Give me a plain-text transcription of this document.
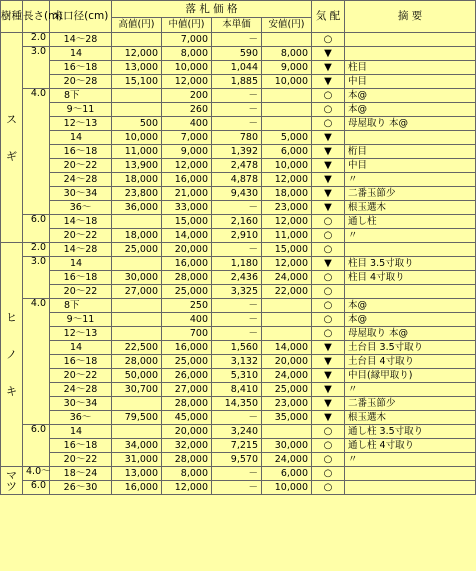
樹種	長さ(m)	末口径(cm)	落 札 価 格				気 配	摘 要
			高値(円)	中値(円)	本単価	安値(円)		

ス
ギ	2.0	14～28		7,000	－		○	
	3.0	14	12,000	8,000	590	8,000	▼	
		16～18	13,000	10,000	1,044	9,000	▼	柱目
		20～28	15,100	12,000	1,885	10,000	▼	中目
	4.0	8下		200	－		○	本@
		9～11		260	－		○	本@
		12～13	500	400	－		○	母屋取り 本@
		14	10,000	7,000	780	5,000	▼	
		16～18	11,000	9,000	1,392	6,000	▼	桁目
		20～22	13,900	12,000	2,478	10,000	▼	中目
		24～28	18,000	16,000	4,878	12,000	▼	〃
		30～34	23,800	21,000	9,430	18,000	▼	二番玉節少
		36～	36,000	33,000	－	23,000	▼	根玉選木
	6.0	14～18		15,000	2,160	12,000	○	通し柱
		20～22	18,000	14,000	2,910	11,000	○	〃

ヒ
ノ
キ	2.0	14～28	25,000	20,000	－	15,000	○	
	3.0	14		16,000	1,180	12,000	▼	柱目 3.5寸取り
		16～18	30,000	28,000	2,436	24,000	○	柱目 4寸取り
		20～22	27,000	25,000	3,325	22,000	○	
	4.0	8下		250	－		○	本@
		9～11		400	－		○	本@
		12～13		700	－		○	母屋取り 本@
		14	22,500	16,000	1,560	14,000	▼	土台目 3.5寸取り
		16～18	28,000	25,000	3,132	20,000	▼	土台目 4寸取り
		20～22	50,000	26,000	5,310	24,000	▼	中目(縁甲取り)
		24～28	30,700	27,000	8,410	25,000	▼	〃
		30～34		28,000	14,350	23,000	▼	二番玉節少
		36～	79,500	45,000	－	35,000	▼	根玉選木
	6.0	14		20,000	3,240		○	通し柱 3.5寸取り
		16～18	34,000	32,000	7,215	30,000	○	通し柱 4寸取り
		20～22	31,000	28,000	9,570	24,000	○	〃

マ
ツ	4.0～	18～24	13,000	8,000	－	6,000	○	
	6.0	26～30	16,000	12,000	－	10,000	○	
